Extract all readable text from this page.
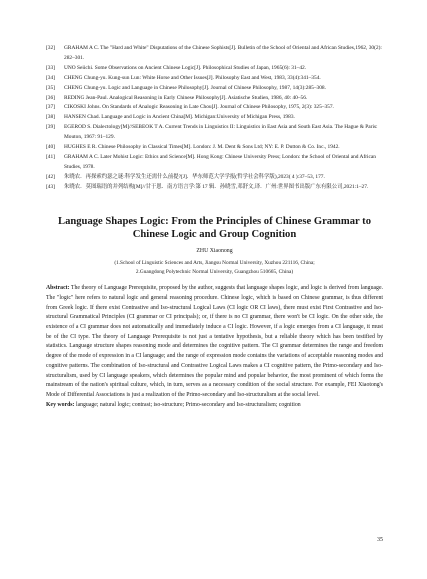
[32]	GRAHAM A C. The "Hard and White" Disputations of the Chinese Sophists[J]. Bulletin of the School of Oriental and African Studies,1962, 30(2): 282–301.
[33]	UNO Seiichi. Some Observations on Ancient Chinese Logic[J]. Philosophical Studies of Japan, 1965(6): 31–42.
[34]	CHENG Chung-yu. Kung-sun Lun: White Horse and Other Issues[J]. Philosophy East and West, 1983, 33(4):341–354.
[35]	CHENG Chung-yu. Logic and Language in Chinese Philosophy[J]. Journal of Chinese Philosophy, 1987, 14(3):285–308.
[36]	REDING Jean-Paul. Analogical Reasoning in Early Chinese Philosophy[J]. Asiatische Studien, 1986, 40: 40–56.
[37]	CIKOSKI Johns. On Standards of Analogic Reasoning in Late Chou[J]. Journal of Chinese Philosophy, 1975, 2(3): 325–357.
[38]	HANSEN Chad. Language and Logic in Ancient China[M]. Michigan:University of Michigan Press, 1983.
[39]	EGEROD S. Dialectology[M]//SEBEOK T A. Current Trends in Linguistics II: Linguistics in East Asia and South East Asia. The Hague & Paris: Mouton, 1967: 91–129.
[40]	HUGHES E R. Chinese Philosophy in Classical Times[M]. London: J. M. Dent & Sons Ltd; NY: E. P. Dutton & Co. Inc., 1942.
[41]	GRAHAM A C. Later Mohist Logic: Ethics and Science[M]. Hong Kong: Chinese University Press; London: the School of Oriental and African Studies, 1978.
[42]	朱晓农．再探索约瑟之谜:科学发生还需什么前提?[J]．华东师范大学学报(哲学社会科学版),2023( 4 ):37–53, 177.
[43]	朱晓农．莫图瑞语的并列结构[M]//甘于恩．南方语言学:第 17 辑．孙晓雪,邓舒文,译．广州:世界图书出版广东有限公司,2021:1–27.
Language Shapes Logic: From the Principles of Chinese Grammar to Chinese Logic and Group Cognition
ZHU Xiaonong
(1.School of Linguistic Sciences and Arts, Jiangsu Normal University, Xuzhou 221116, China;
2.Guangdong Polytechnic Normal University, Guangzhou 510665, China)
Abstract: The theory of Language Prerequisite, proposed by the author, suggests that language shapes logic, and logic is derived from language. The "logic" here refers to natural logic and general reasoning procedure. Chinese logic, which is based on Chinese grammar, is thus different from Greek logic. If there exist Contrastive and Iso-structural Logical Laws (CI logic OR CI laws), there must exist First Contrastive and Iso-structural Grammatical Principles (CI grammar or CI principals); or, if there is no CI grammar, there won't be CI logic. On the other side, the existence of a CI grammar does not automatically and immediately induce a CI logic. However, if a logic emerges from a CI language, it must be of the CI type. The theory of Language Prerequisite is not just a tentative hypothesis, but a reliable theory which has been testified by statistics. Language structure shapes reasoning mode and determines the cognitive pattern. The CI grammar determines the range and freedom degree of the mode of expression in a CI language; and the range of expression mode contains the variations of acceptable reasoning modes and cognitive patterns. The combination of Iso-structural and Contrastive Logical Laws makes a CI cognitive pattern, the Primo-secondary and Iso-structuralism, used by CI language speakers, which determines the popular mind and popular behavior, the most prominent of which forms the mainstream of the nation's spiritual culture, which, in turn, serves as a necessary condition of the social structure. For example, FEI Xiaotong's Mode of Differential Associations is just a realization of the Primo-secondary and Iso-structuralism at the social level.
Key words: language; natural logic; contrast; iso-structure; Primo-secondary and Iso-structuralism; cognition
35
